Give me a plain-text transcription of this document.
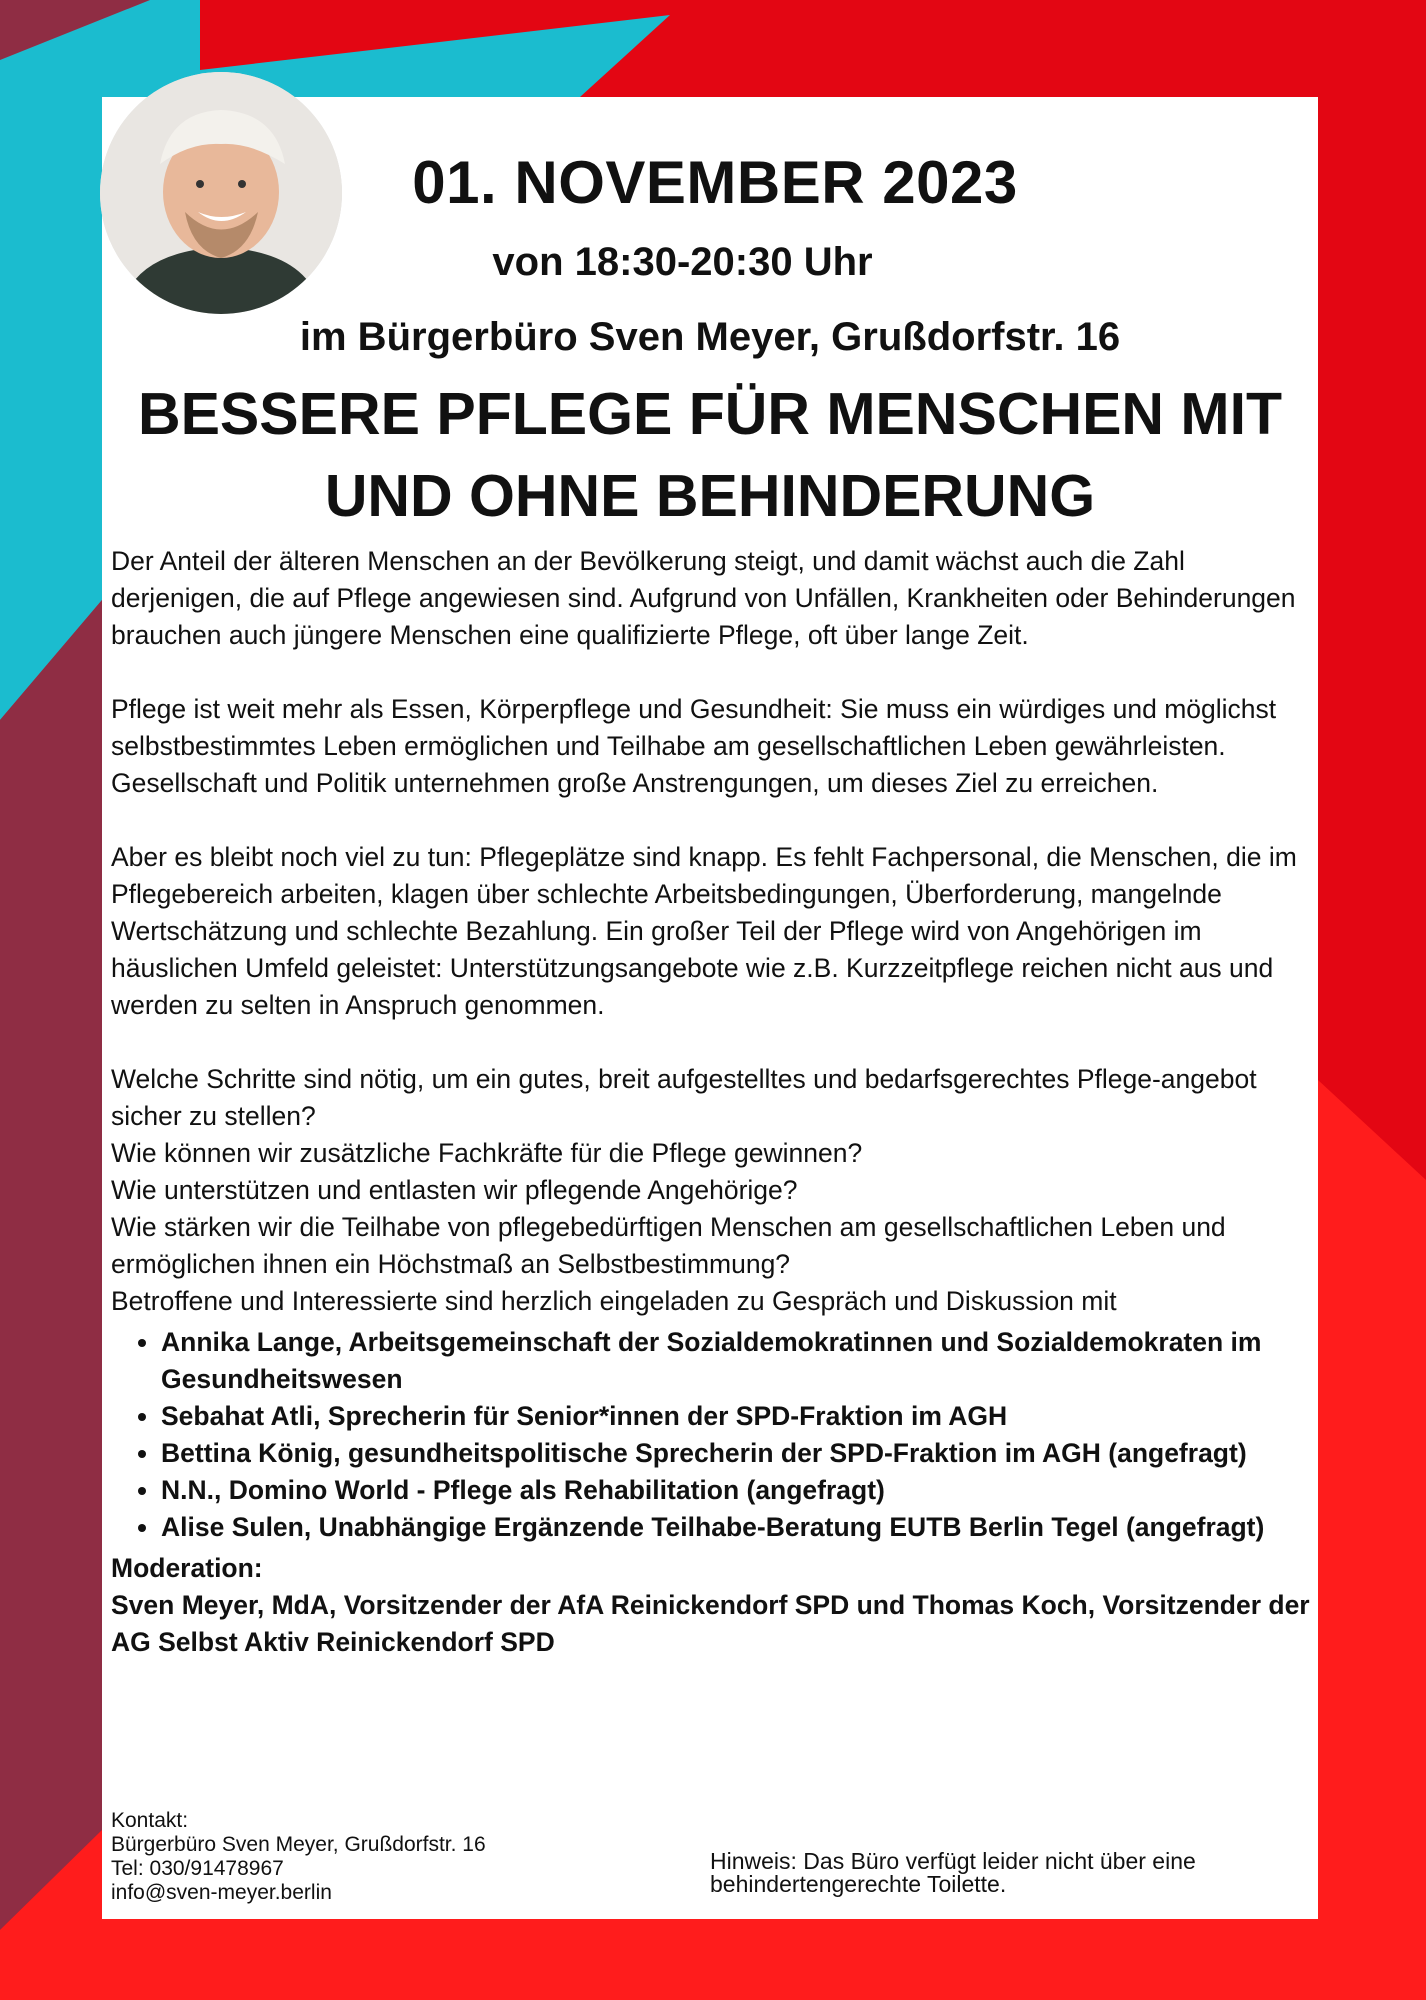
01. NOVEMBER 2023
von 18:30-20:30 Uhr
im Bürgerbüro Sven Meyer, Grußdorfstr. 16
BESSERE PFLEGE FÜR MENSCHEN MIT
UND OHNE BEHINDERUNG

Der Anteil der älteren Menschen an der Bevölkerung steigt, und damit wächst auch die Zahl derjenigen, die auf Pflege angewiesen sind. Aufgrund von Unfällen, Krankheiten oder Behinderungen brauchen auch jüngere Menschen eine qualifizierte Pflege, oft über lange Zeit.

Pflege ist weit mehr als Essen, Körperpflege und Gesundheit: Sie muss ein würdiges und möglichst selbstbestimmtes Leben ermöglichen und Teilhabe am gesellschaftlichen Leben gewährleisten. Gesellschaft und Politik unternehmen große Anstrengungen, um dieses Ziel zu erreichen.

Aber es bleibt noch viel zu tun: Pflegeplätze sind knapp. Es fehlt Fachpersonal, die Menschen, die im Pflegebereich arbeiten, klagen über schlechte Arbeitsbedingungen, Überforderung, mangelnde Wertschätzung und schlechte Bezahlung. Ein großer Teil der Pflege wird von Angehörigen im häuslichen Umfeld geleistet: Unterstützungsangebote wie z.B. Kurzzeitpflege reichen nicht aus und werden zu selten in Anspruch genommen.

Welche Schritte sind nötig, um ein gutes, breit aufgestelltes und bedarfsgerechtes Pflege-angebot sicher zu stellen?

Wie können wir zusätzliche Fachkräfte für die Pflege gewinnen?

Wie unterstützen und entlasten wir pflegende Angehörige?

Wie stärken wir die Teilhabe von pflegebedürftigen Menschen am gesellschaftlichen Leben und ermöglichen ihnen ein Höchstmaß an Selbstbestimmung?

Betroffene und Interessierte sind herzlich eingeladen zu Gespräch und Diskussion mit

• Annika Lange, Arbeitsgemeinschaft der Sozialdemokratinnen und Sozialdemokraten im Gesundheitswesen
• Sebahat Atli, Sprecherin für Senior*innen der SPD-Fraktion im AGH
• Bettina König, gesundheitspolitische Sprecherin der SPD-Fraktion im AGH (angefragt)
• N.N., Domino World - Pflege als Rehabilitation (angefragt)
• Alise Sulen, Unabhängige Ergänzende Teilhabe-Beratung EUTB Berlin Tegel (angefragt)
Moderation:
Sven Meyer, MdA, Vorsitzender der AfA Reinickendorf SPD und Thomas Koch, Vorsitzender der AG Selbst Aktiv Reinickendorf SPD
Kontakt:
Bürgerbüro Sven Meyer, Grußdorfstr. 16
Tel: 030/91478967
info@sven-meyer.berlin
Hinweis: Das Büro verfügt leider nicht über eine behindertengerechte Toilette.
